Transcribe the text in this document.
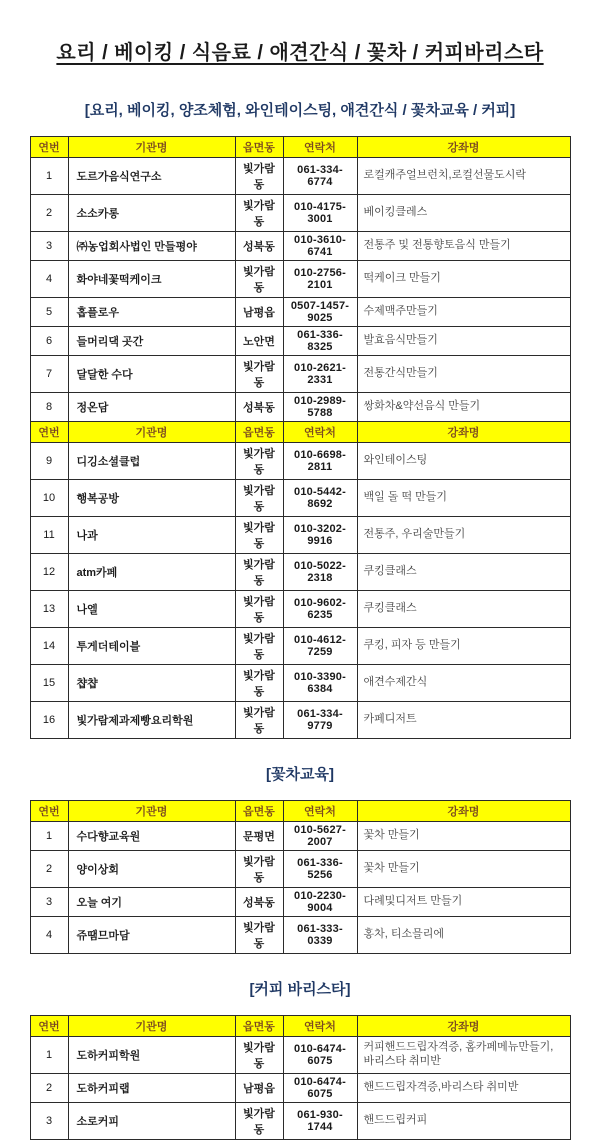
요리 / 베이킹 / 식음료 / 애견간식 / 꽃차 / 커피바리스타
[요리, 베이킹, 양조체험, 와인테이스팅, 애견간식 / 꽃차교육 / 커피]
연번	기관명	읍면동	연락처	강좌명
1	도르가음식연구소	빛가람동	061-334-6774	로컬캐주얼브런치,로컬선물도시락
2	소소카롱	빛가람동	010-4175-3001	베이킹클레스
3	㈜농업회사법인 만들평야	성북동	010-3610-6741	전통주 및 전통향토음식 만들기
4	화야네꽃떡케이크	빛가람동	010-2756-2101	떡케이크 만들기
5	홉플로우	남평읍	0507-1457-9025	수제맥주만들기
6	들머리댁 곳간	노안면	061-336-8325	발효음식만들기
7	달달한 수다	빛가람동	010-2621-2331	전통간식만들기
8	정온담	성북동	010-2989-5788	쌍화차&약선음식 만들기
연번	기관명	읍면동	연락처	강좌명
9	디깅소셜클럽	빛가람동	010-6698-2811	와인테이스팅
10	행복공방	빛가람동	010-5442-8692	백일 돌 떡 만들기
11	나과	빛가람동	010-3202-9916	전통주, 우리술만들기
12	atm카페	빛가람동	010-5022-2318	쿠킹클래스
13	나엘	빛가람동	010-9602-6235	쿠킹클래스
14	투게더테이블	빛가람동	010-4612-7259	쿠킹, 피자 등 만들기
15	챱챱	빛가람동	010-3390-6384	애견수제간식
16	빛가람제과제빵요리학원	빛가람동	061-334-9779	카페디저트
[꽃차교육]
연번	기관명	읍면동	연락처	강좌명
1	수다향교육원	문평면	010-5627-2007	꽃차 만들기
2	양이상회	빛가람동	061-336-5256	꽃차 만들기
3	오늘 여기	성북동	010-2230-9004	다례및디저트 만들기
4	쥬땜므마담	빛가람동	061-333-0339	홍차, 티소믈리에
[커피 바리스타]
연번	기관명	읍면동	연락처	강좌명
1	도하커피학원	빛가람동	010-6474-6075	커피핸드드립자격증, 홈카페메뉴만들기, 바리스타 취미반
2	도하커피랩	남평읍	010-6474-6075	핸드드립자격증,바리스타 취미반
3	소로커피	빛가람동	061-930-1744	핸드드립커피
